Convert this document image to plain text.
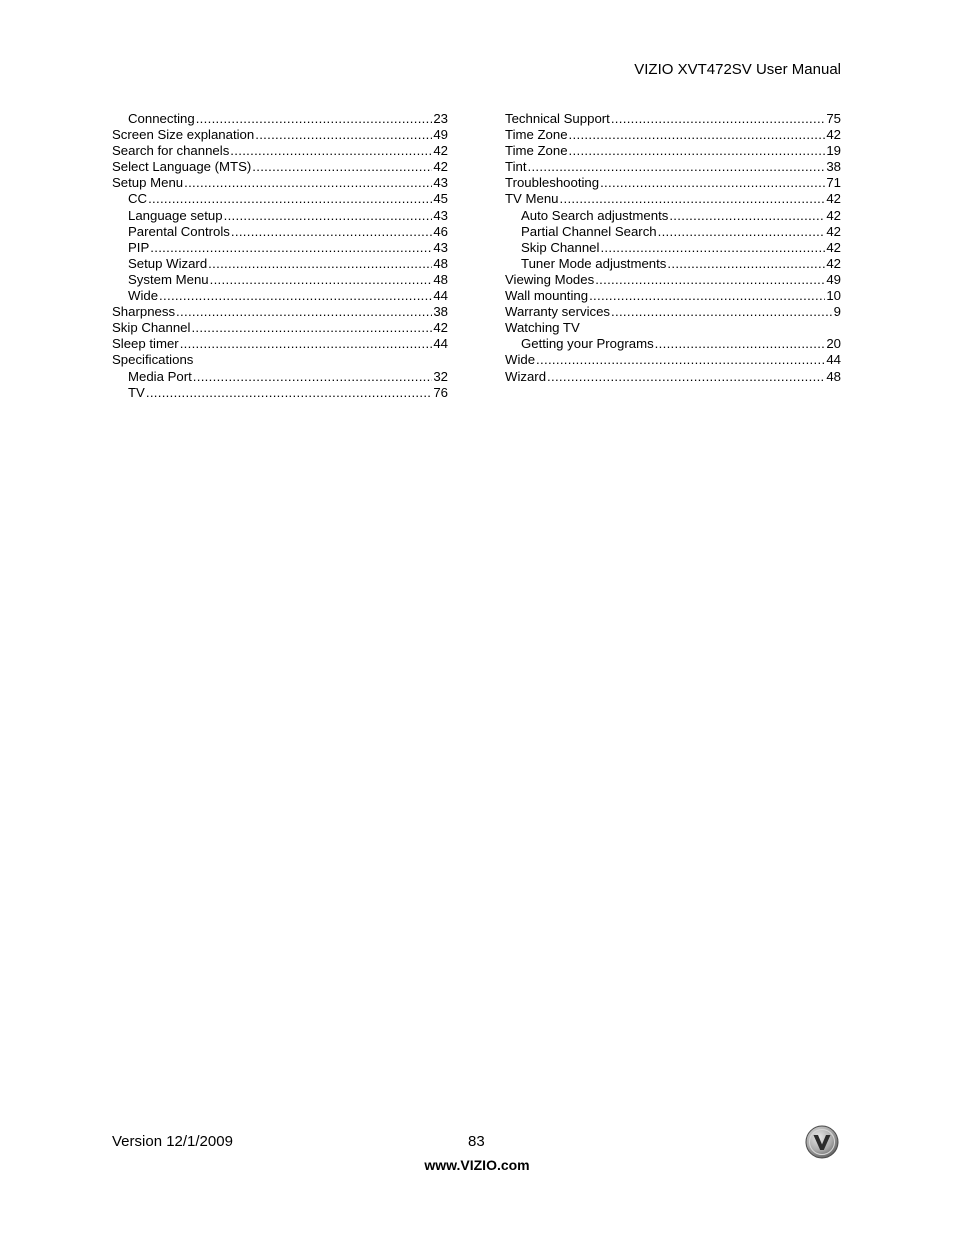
VIZIO XVT472SV User Manual
Connecting .....	23
Screen Size explanation .....	49
Search for channels .....	42
Select Language (MTS) .....	42
Setup Menu .....	43
CC .....	45
Language setup .....	43
Parental Controls .....	46
PIP .....	43
Setup Wizard .....	48
System Menu .....	48
Wide .....	44
Sharpness .....	38
Skip Channel .....	42
Sleep timer .....	44
Specifications
Media Port .....	32
TV .....	76
Technical Support .....	75
Time Zone .....	42
Time Zone .....	19
Tint .....	38
Troubleshooting .....	71
TV Menu .....	42
Auto Search adjustments .....	42
Partial Channel Search .....	42
Skip Channel .....	42
Tuner Mode adjustments .....	42
Viewing Modes .....	49
Wall mounting .....	10
Warranty services .....	9
Watching TV
Getting your Programs .....	20
Wide .....	44
Wizard .....	48
Version 12/1/2009	83
www.VIZIO.com
